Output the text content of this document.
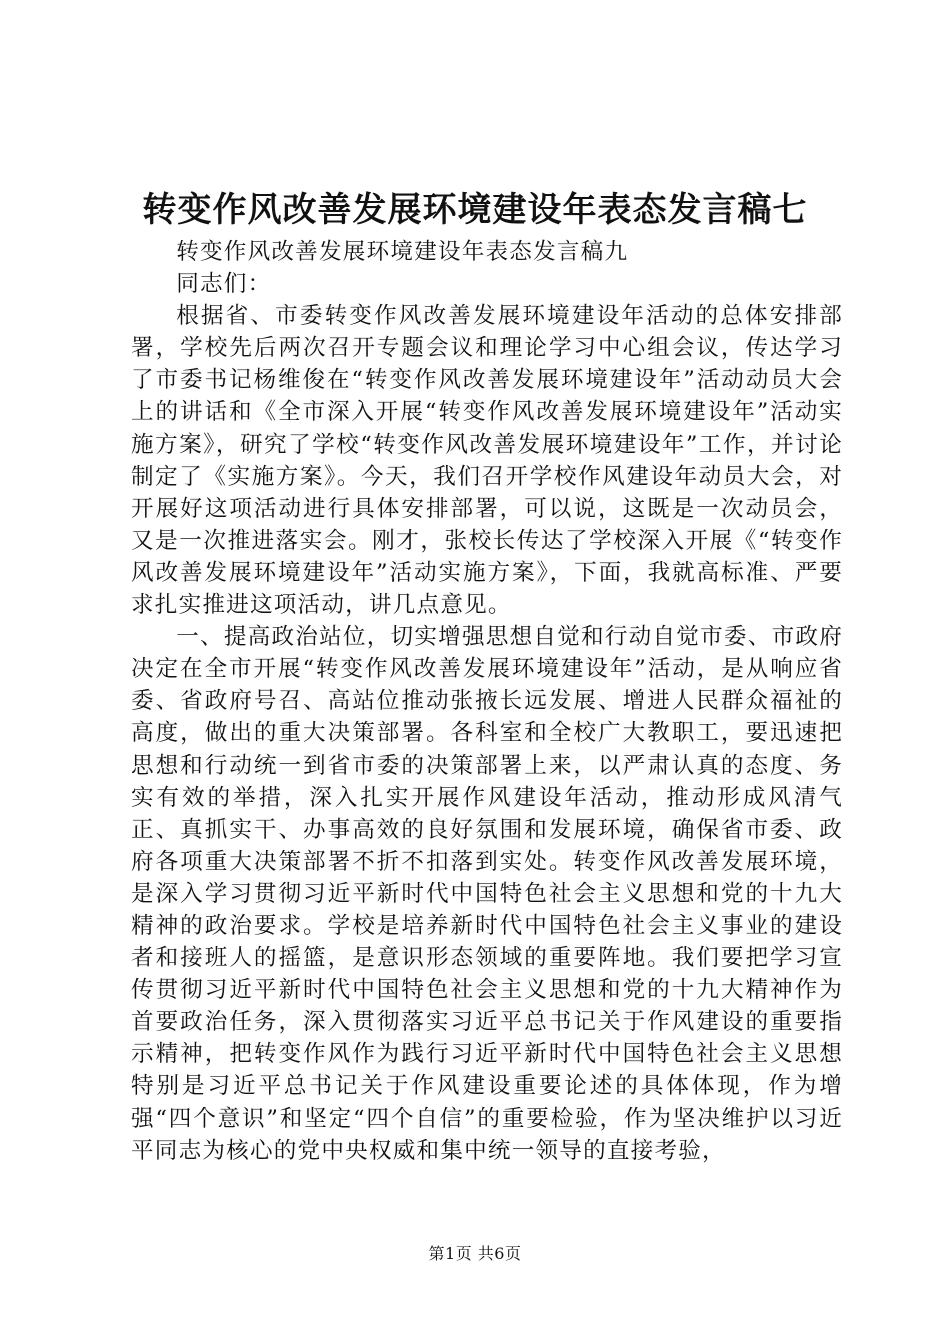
转变作风改善发展环境建设年表态发言稿七

转变作风改善发展环境建设年表态发言稿九

同志们：

根据省、市委转变作风改善发展环境建设年活动的总体安排部署，学校先后两次召开专题会议和理论学习中心组会议，传达学习了市委书记杨维俊在“转变作风改善发展环境建设年”活动动员大会上的讲话和《全市深入开展“转变作风改善发展环境建设年”活动实施方案》，研究了学校“转变作风改善发展环境建设年”工作，并讨论制定了《实施方案》。今天，我们召开学校作风建设年动员大会，对开展好这项活动进行具体安排部署，可以说，这既是一次动员会，又是一次推进落实会。刚才，张校长传达了学校深入开展《“转变作风改善发展环境建设年”活动实施方案》，下面，我就高标准、严要求扎实推进这项活动，讲几点意见。

一、提高政治站位，切实增强思想自觉和行动自觉市委、市政府决定在全市开展“转变作风改善发展环境建设年”活动，是从响应省委、省政府号召、高站位推动张掖长远发展、增进人民群众福祉的高度，做出的重大决策部署。各科室和全校广大教职工，要迅速把思想和行动统一到省市委的决策部署上来，以严肃认真的态度、务实有效的举措，深入扎实开展作风建设年活动，推动形成风清气正、真抓实干、办事高效的良好氛围和发展环境，确保省市委、政府各项重大决策部署不折不扣落到实处。转变作风改善发展环境，是深入学习贯彻习近平新时代中国特色社会主义思想和党的十九大精神的政治要求。学校是培养新时代中国特色社会主义事业的建设者和接班人的摇篮，是意识形态领域的重要阵地。我们要把学习宣传贯彻习近平新时代中国特色社会主义思想和党的十九大精神作为首要政治任务，深入贯彻落实习近平总书记关于作风建设的重要指示精神，把转变作风作为践行习近平新时代中国特色社会主义思想特别是习近平总书记关于作风建设重要论述的具体体现，作为增强“四个意识”和坚定“四个自信”的重要检验，作为坚决维护以习近平同志为核心的党中央权威和集中统一领导的直接考验，

第1页 共6页
